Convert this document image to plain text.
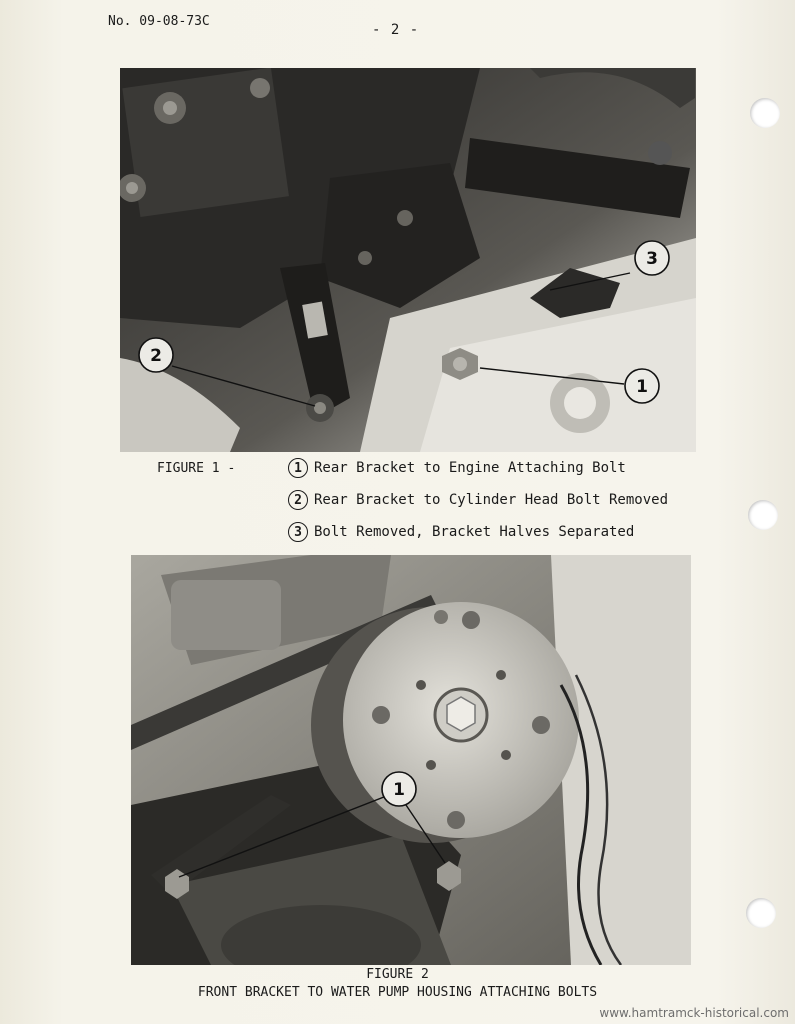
No. 09-08-73C
- 2 -
2
3
1
FIGURE 1 -	1 Rear Bracket to Engine Attaching Bolt
2 Rear Bracket to Cylinder Head Bolt Removed
3 Bolt Removed, Bracket Halves Separated
1
FIGURE 2
FRONT BRACKET TO WATER PUMP HOUSING ATTACHING BOLTS
www.hamtramck-historical.com
